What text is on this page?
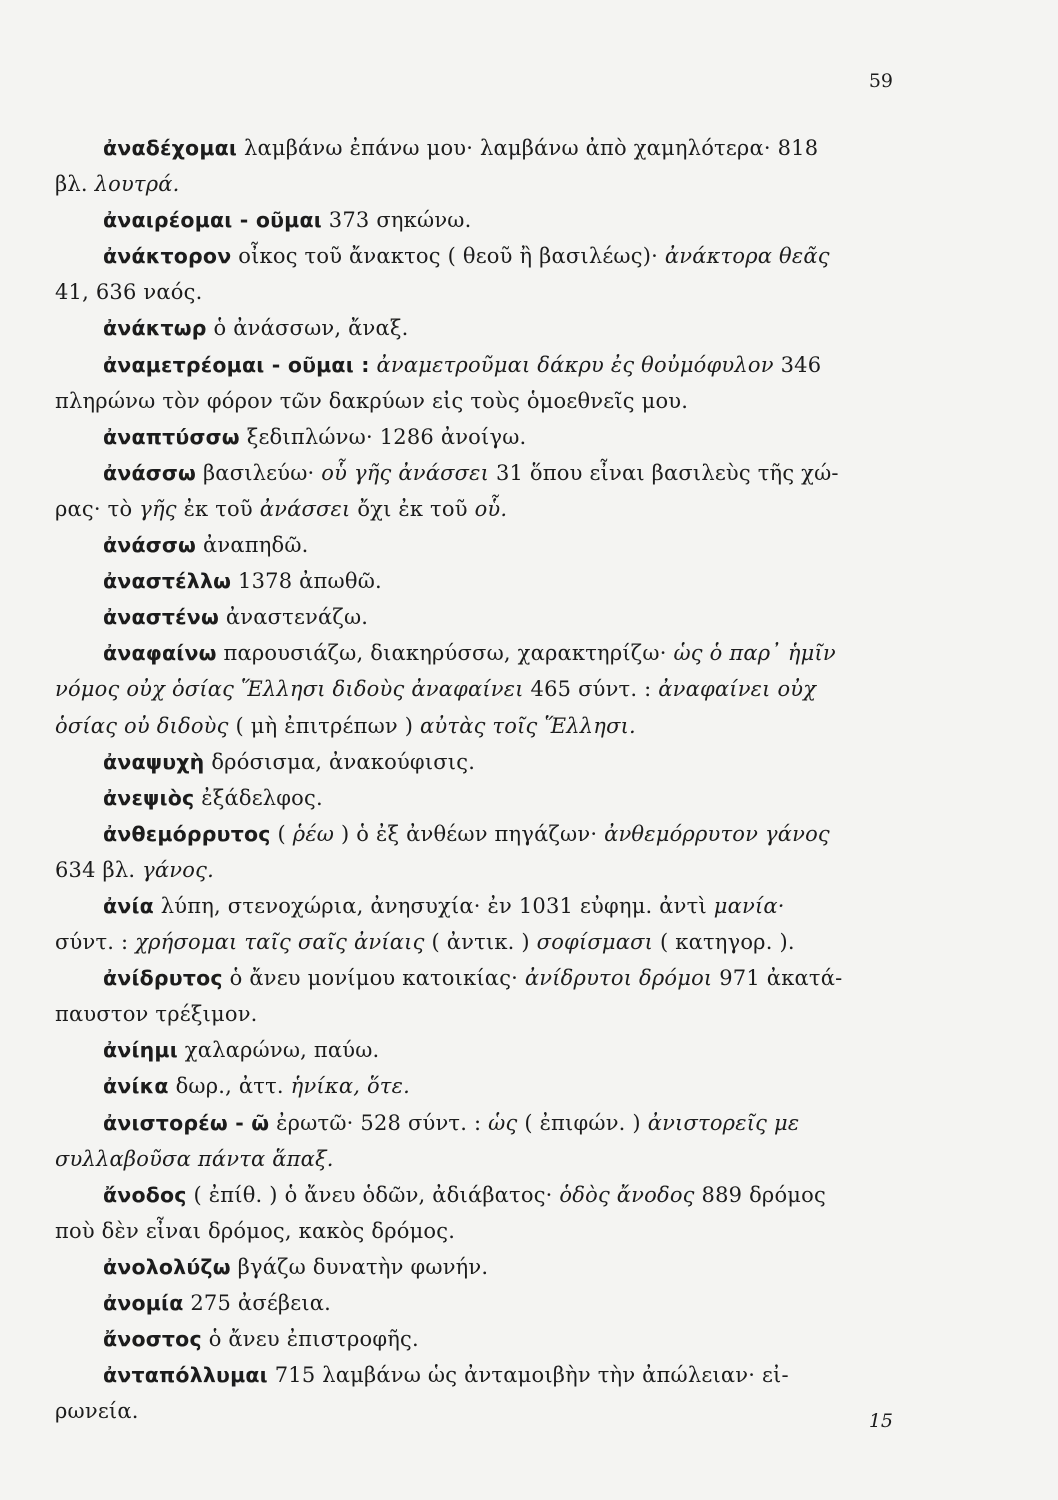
59
ἀναδέχομαι λαμβάνω ἐπάνω μου· λαμβάνω ἀπὸ χαμηλότερα· 818
βλ. λουτρά.
ἀναιρέομαι - οῦμαι 373 σηκώνω.
ἀνάκτορον οἶκος τοῦ ἄνακτος ( θεοῦ ἢ βασιλέως)· ἀνάκτορα θεᾶς
41, 636 ναός.
ἀνάκτωρ ὁ ἀνάσσων, ἄναξ.
ἀναμετρέομαι - οῦμαι : ἀναμετροῦμαι δάκρυ ἐς θοὐμόφυλον 346
πληρώνω τὸν φόρον τῶν δακρύων εἰς τοὺς ὁμοεθνεῖς μου.
ἀναπτύσσω ξεδιπλώνω· 1286 ἀνοίγω.
ἀνάσσω βασιλεύω· οὗ γῆς ἀνάσσει 31 ὅπου εἶναι βασιλεὺς τῆς χώ-
ρας· τὸ γῆς ἐκ τοῦ ἀνάσσει ὄχι ἐκ τοῦ οὗ.
ἀνάσσω ἀναπηδῶ.
ἀναστέλλω 1378 ἀπωθῶ.
ἀναστένω ἀναστενάζω.
ἀναφαίνω παρουσιάζω, διακηρύσσω, χαρακτηρίζω· ὡς ὁ παρ᾽ ἡμῖν
νόμος οὐχ ὁσίας Ἕλλησι διδοὺς ἀναφαίνει 465 σύντ. : ἀναφαίνει οὐχ
ὁσίας οὐ διδοὺς ( μὴ ἐπιτρέπων ) αὐτὰς τοῖς Ἕλλησι.
ἀναψυχὴ δρόσισμα, ἀνακούφισις.
ἀνεψιὸς ἐξάδελφος.
ἀνθεμόρρυτος ( ῥέω ) ὁ ἐξ ἀνθέων πηγάζων· ἀνθεμόρρυτον γάνος
634 βλ. γάνος.
ἀνία λύπη, στενοχώρια, ἀνησυχία· ἐν 1031 εὐφημ. ἀντὶ μανία·
σύντ. : χρήσομαι ταῖς σαῖς ἀνίαις ( ἀντικ. ) σοφίσμασι ( κατηγορ. ).
ἀνίδρυτος ὁ ἄνευ μονίμου κατοικίας· ἀνίδρυτοι δρόμοι 971 ἀκατά-
παυστον τρέξιμον.
ἀνίημι χαλαρώνω, παύω.
ἀνίκα δωρ., ἀττ. ἡνίκα, ὅτε.
ἀνιστορέω - ῶ ἐρωτῶ· 528 σύντ. : ὡς ( ἐπιφών. ) ἀνιστορεῖς με
συλλαβοῦσα πάντα ἅπαξ.
ἄνοδος ( ἐπίθ. ) ὁ ἄνευ ὁδῶν, ἀδιάβατος· ὁδὸς ἄνοδος 889 δρόμος
ποὺ δὲν εἶναι δρόμος, κακὸς δρόμος.
ἀνολολύζω βγάζω δυνατὴν φωνήν.
ἀνομία 275 ἀσέβεια.
ἄνοστος ὁ ἄνευ ἐπιστροφῆς.
ἀνταπόλλυμαι 715 λαμβάνω ὡς ἀνταμοιβὴν τὴν ἀπώλειαν· εἰ-
ρωνεία.	15
